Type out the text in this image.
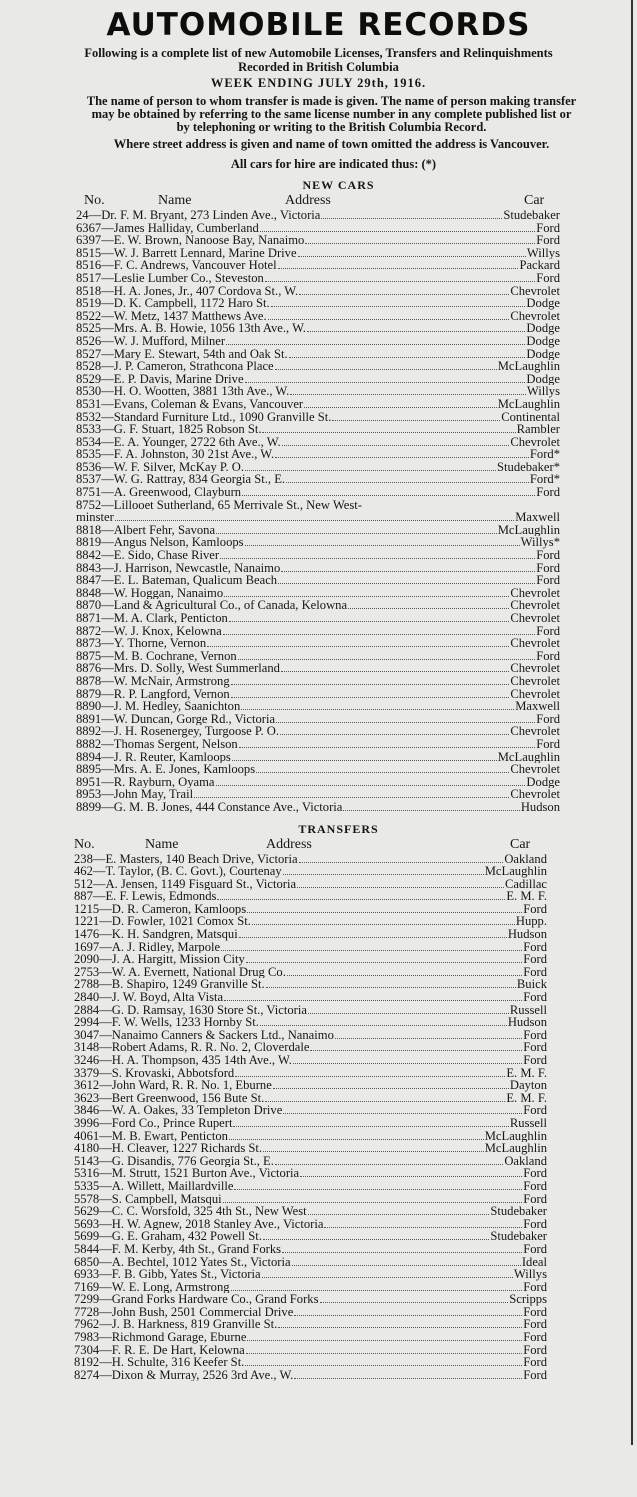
AUTOMOBILE RECORDS
Following is a complete list of new Automobile Licenses, Transfers and Relinquishments Recorded in British Columbia
WEEK ENDING JULY 29th, 1916.
The name of person to whom transfer is made is given. The name of person making transfer may be obtained by referring to the same license number in any complete published list or by telephoning or writing to the British Columbia Record.
Where street address is given and name of town omitted the address is Vancouver.
All cars for hire are indicated thus: (*)
NEW CARS
No.	Name	Address	Car
24—Dr. F. M. Bryant, 273 Linden Ave., Victoria	Studebaker
6367—James Halliday, Cumberland	Ford
6397—E. W. Brown, Nanoose Bay, Nanaimo	Ford
8515—W. J. Barrett Lennard, Marine Drive	Willys
8516—F. C. Andrews, Vancouver Hotel	Packard
8517—Leslie Lumber Co., Steveston	Ford
8518—H. A. Jones, Jr., 407 Cordova St., W.	Chevrolet
8519—D. K. Campbell, 1172 Haro St.	Dodge
8522—W. Metz, 1437 Matthews Ave.	Chevrolet
8525—Mrs. A. B. Howie, 1056 13th Ave., W.	Dodge
8526—W. J. Mufford, Milner	Dodge
8527—Mary E. Stewart, 54th and Oak St.	Dodge
8528—J. P. Cameron, Strathcona Place	McLaughlin
8529—E. P. Davis, Marine Drive	Dodge
8530—H. O. Wootten, 3881 13th Ave., W.	Willys
8531—Evans, Coleman & Evans, Vancouver	McLaughlin
8532—Standard Furniture Ltd., 1090 Granville St.	Continental
8533—G. F. Stuart, 1825 Robson St.	Rambler
8534—E. A. Younger, 2722 6th Ave., W.	Chevrolet
8535—F. A. Johnston, 30 21st Ave., W.	Ford*
8536—W. F. Silver, McKay P. O.	Studebaker*
8537—W. G. Rattray, 834 Georgia St., E.	Ford*
8751—A. Greenwood, Clayburn	Ford
8752—Lillooet Sutherland, 65 Merrivale St., New West-
minster	Maxwell
8818—Albert Fehr, Savona	McLaughlin
8819—Angus Nelson, Kamloops	Willys*
8842—E. Sido, Chase River	Ford
8843—J. Harrison, Newcastle, Nanaimo	Ford
8847—E. L. Bateman, Qualicum Beach	Ford
8848—W. Hoggan, Nanaimo	Chevrolet
8870—Land & Agricultural Co., of Canada, Kelowna	Chevrolet
8871—M. A. Clark, Penticton	Chevrolet
8872—W. J. Knox, Kelowna	Ford
8873—Y. Thorne, Vernon	Chevrolet
8875—M. B. Cochrane, Vernon	Ford
8876—Mrs. D. Solly, West Summerland	Chevrolet
8878—W. McNair, Armstrong	Chevrolet
8879—R. P. Langford, Vernon	Chevrolet
8890—J. M. Hedley, Saanichton	Maxwell
8891—W. Duncan, Gorge Rd., Victoria	Ford
8892—J. H. Rosenergey, Turgoose P. O.	Chevrolet
8882—Thomas Sergent, Nelson	Ford
8894—J. R. Reuter, Kamloops	McLaughlin
8895—Mrs. A. E. Jones, Kamloops	Chevrolet
8951—R. Rayburn, Oyama	Dodge
8953—John May, Trail	Chevrolet
8899—G. M. B. Jones, 444 Constance Ave., Victoria	Hudson
TRANSFERS
No.	Name	Address	Car
238—E. Masters, 140 Beach Drive, Victoria	Oakland
462—T. Taylor, (B. C. Govt.), Courtenay	McLaughlin
512—A. Jensen, 1149 Fisguard St., Victoria	Cadillac
887—E. F. Lewis, Edmonds	E. M. F.
1215—D. R. Cameron, Kamloops	Ford
1221—D. Fowler, 1021 Comox St.	Hupp.
1476—K. H. Sandgren, Matsqui	Hudson
1697—A. J. Ridley, Marpole	Ford
2090—J. A. Hargitt, Mission City	Ford
2753—W. A. Evernett, National Drug Co.	Ford
2788—B. Shapiro, 1249 Granville St.	Buick
2840—J. W. Boyd, Alta Vista	Ford
2884—G. D. Ramsay, 1630 Store St., Victoria	Russell
2994—F. W. Wells, 1233 Hornby St.	Hudson
3047—Nanaimo Canners & Sackers Ltd., Nanaimo	Ford
3148—Robert Adams, R. R. No. 2, Cloverdale	Ford
3246—H. A. Thompson, 435 14th Ave., W.	Ford
3379—S. Krovaski, Abbotsford	E. M. F.
3612—John Ward, R. R. No. 1, Eburne	Dayton
3623—Bert Greenwood, 156 Bute St.	E. M. F.
3846—W. A. Oakes, 33 Templeton Drive	Ford
3996—Ford Co., Prince Rupert	Russell
4061—M. B. Ewart, Penticton	McLaughlin
4180—H. Cleaver, 1227 Richards St.	McLaughlin
5143—G. Disandis, 776 Georgia St., E.	Oakland
5316—M. Strutt, 1521 Burton Ave., Victoria	Ford
5335—A. Willett, Maillardville	Ford
5578—S. Campbell, Matsqui	Ford
5629—C. C. Worsfold, 325 4th St., New West	Studebaker
5693—H. W. Agnew, 2018 Stanley Ave., Victoria	Ford
5699—G. E. Graham, 432 Powell St.	Studebaker
5844—F. M. Kerby, 4th St., Grand Forks	Ford
6850—A. Bechtel, 1012 Yates St., Victoria	Ideal
6933—F. B. Gibb, Yates St., Victoria	Willys
7169—W. E. Long, Armstrong	Ford
7299—Grand Forks Hardware Co., Grand Forks	Scripps
7728—John Bush, 2501 Commercial Drive	Ford
7962—J. B. Harkness, 819 Granville St.	Ford
7983—Richmond Garage, Eburne	Ford
7304—F. R. E. De Hart, Kelowna	Ford
8192—H. Schulte, 316 Keefer St.	Ford
8274—Dixon & Murray, 2526 3rd Ave., W.	Ford
